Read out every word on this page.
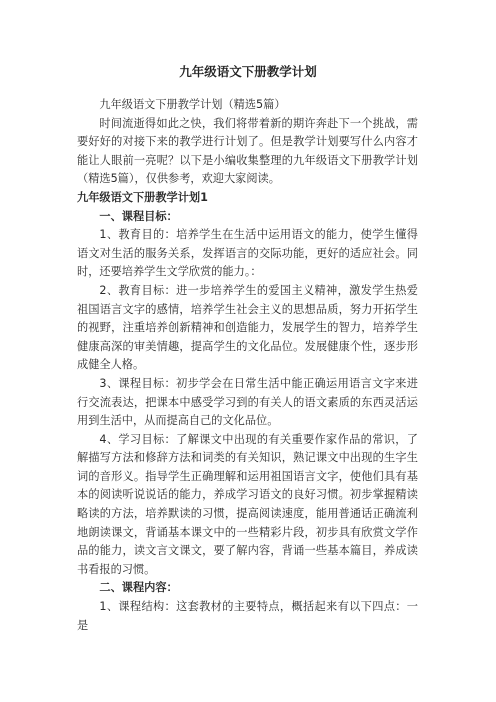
九年级语文下册教学计划

九年级语文下册教学计划（精选5篇）

时间流逝得如此之快，我们将带着新的期许奔赴下一个挑战，需要好好的对接下来的教学进行计划了。但是教学计划要写什么内容才能让人眼前一亮呢？以下是小编收集整理的九年级语文下册教学计划（精选5篇），仅供参考，欢迎大家阅读。

九年级语文下册教学计划1

一、课程目标：

1、教育目的：培养学生在生活中运用语文的能力，使学生懂得语文对生活的服务关系，发挥语言的交际功能，更好的适应社会。同时，还要培养学生文学欣赏的能力。：

2、教育目标：进一步培养学生的爱国主义精神，激发学生热爱祖国语言文字的感情，培养学生社会主义的思想品质，努力开拓学生的视野，注重培养创新精神和创造能力，发展学生的智力，培养学生健康高深的审美情趣，提高学生的文化品位。发展健康个性，逐步形成健全人格。

3、课程目标：初步学会在日常生活中能正确运用语言文字来进行交流表达，把课本中感受学习到的有关人的语文素质的东西灵活运用到生活中，从而提高自己的文化品位。

4、学习目标：了解课文中出现的有关重要作家作品的常识，了解描写方法和修辞方法和词类的有关知识，熟记课文中出现的生字生词的音形义。指导学生正确理解和运用祖国语言文字，使他们具有基本的阅读听说说话的能力，养成学习语文的良好习惯。初步掌握精读略读的方法，培养默读的习惯，提高阅读速度，能用普通话正确流利地朗读课文，背诵基本课文中的一些精彩片段，初步具有欣赏文学作品的能力，读文言文课文，要了解内容，背诵一些基本篇目，养成读书看报的习惯。

二、课程内容：

1、课程结构：这套教材的主要特点，概括起来有以下四点：一是
